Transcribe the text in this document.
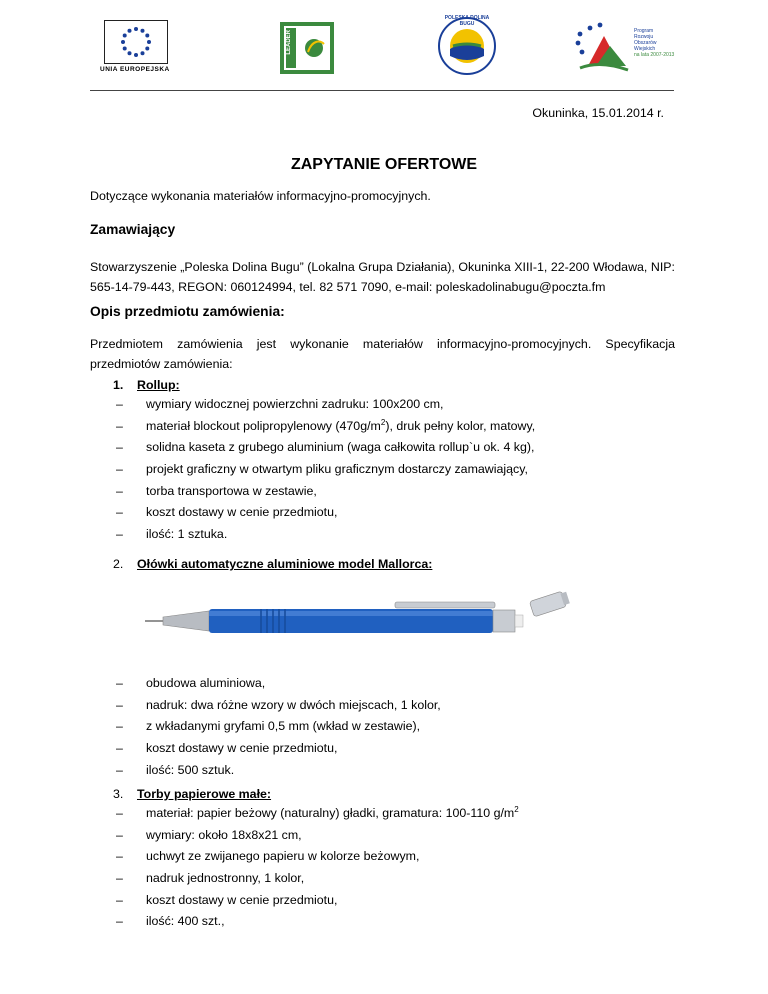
UNIA EUROPEJSKA
LEADER
POLESKA DOLINA BUGU
Program
Rozwoju
Obszarów
Wiejskich
na lata 2007-2013
Okuninka, 15.01.2014 r.
ZAPYTANIE OFERTOWE
Dotyczące wykonania materiałów informacyjno-promocyjnych.
Zamawiający
Stowarzyszenie „Poleska Dolina Bugu” (Lokalna Grupa Działania), Okuninka XIII-1, 22-200 Włodawa, NIP: 565-14-79-443, REGON: 060124994, tel. 82 571 7090, e-mail: poleskadolinabugu@poczta.fm
Opis przedmiotu zamówienia:
Przedmiotem zamówienia jest wykonanie materiałów informacyjno-promocyjnych. Specyfikacja przedmiotów zamówienia:
1. Rollup:
– wymiary widocznej powierzchni zadruku: 100x200 cm,
– materiał blockout polipropylenowy $(470g/m^2)$, druk pełny kolor, matowy,
– solidna kaseta z grubego aluminium (waga całkowita rollup`u ok. 4 kg),
– projekt graficzny w otwartym pliku graficznym dostarczy zamawiający,
– torba transportowa w zestawie,
– koszt dostawy w cenie przedmiotu,
– ilość: 1 sztuka.
2. Ołówki automatyczne aluminiowe model Mallorca:
– obudowa aluminiowa,
– nadruk: dwa różne wzory w dwóch miejscach, 1 kolor,
– z wkładanymi gryfami 0,5 mm (wkład w zestawie),
– koszt dostawy w cenie przedmiotu,
– ilość: 500 sztuk.
3. Torby papierowe małe:
– materiał: papier beżowy (naturalny) gładki, gramatura: 100-110 $g/m^2$
– wymiary: około 18x8x21 cm,
– uchwyt ze zwijanego papieru w kolorze beżowym,
– nadruk jednostronny, 1 kolor,
– koszt dostawy w cenie przedmiotu,
– ilość: 400 szt.,
